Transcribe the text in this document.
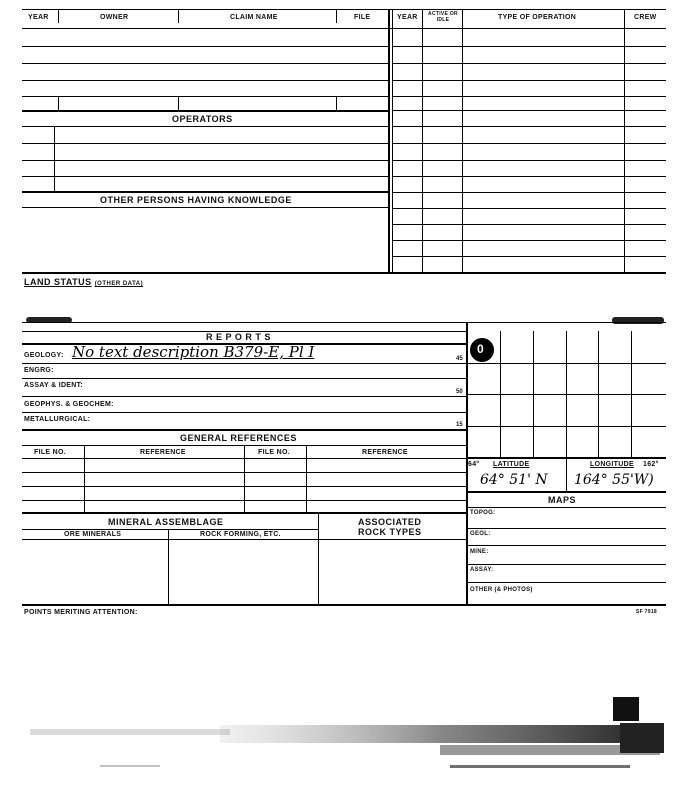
YEAR	OWNER	CLAIM NAME	FILE	YEAR ACTIVE OR IDLE	TYPE OF OPERATION	CREW
OPERATORS
OTHER PERSONS HAVING KNOWLEDGE
LAND STATUS (OTHER DATA)
R E P O R T S
GEOLOGY: No text description B379-E, Pl I	45
ENGRG:
ASSAY & IDENT:
50
GEOPHYS. & GEOCHEM:
METALLURGICAL:
15
GENERAL REFERENCES
FILE NO.	REFERENCE	FILE NO.	REFERENCE
MINERAL ASSEMBLAGE	ASSOCIATED
ROCK TYPES
ORE MINERALS	ROCK FORMING, ETC.
0
64° LATITUDE	LONGITUDE 162°
64° 51' N 164° 55'W)
MAPS
TOPOG:
GEOL:
MINE:
ASSAY:
OTHER (& PHOTOS)
POINTS MERITING ATTENTION:	SF 7918
